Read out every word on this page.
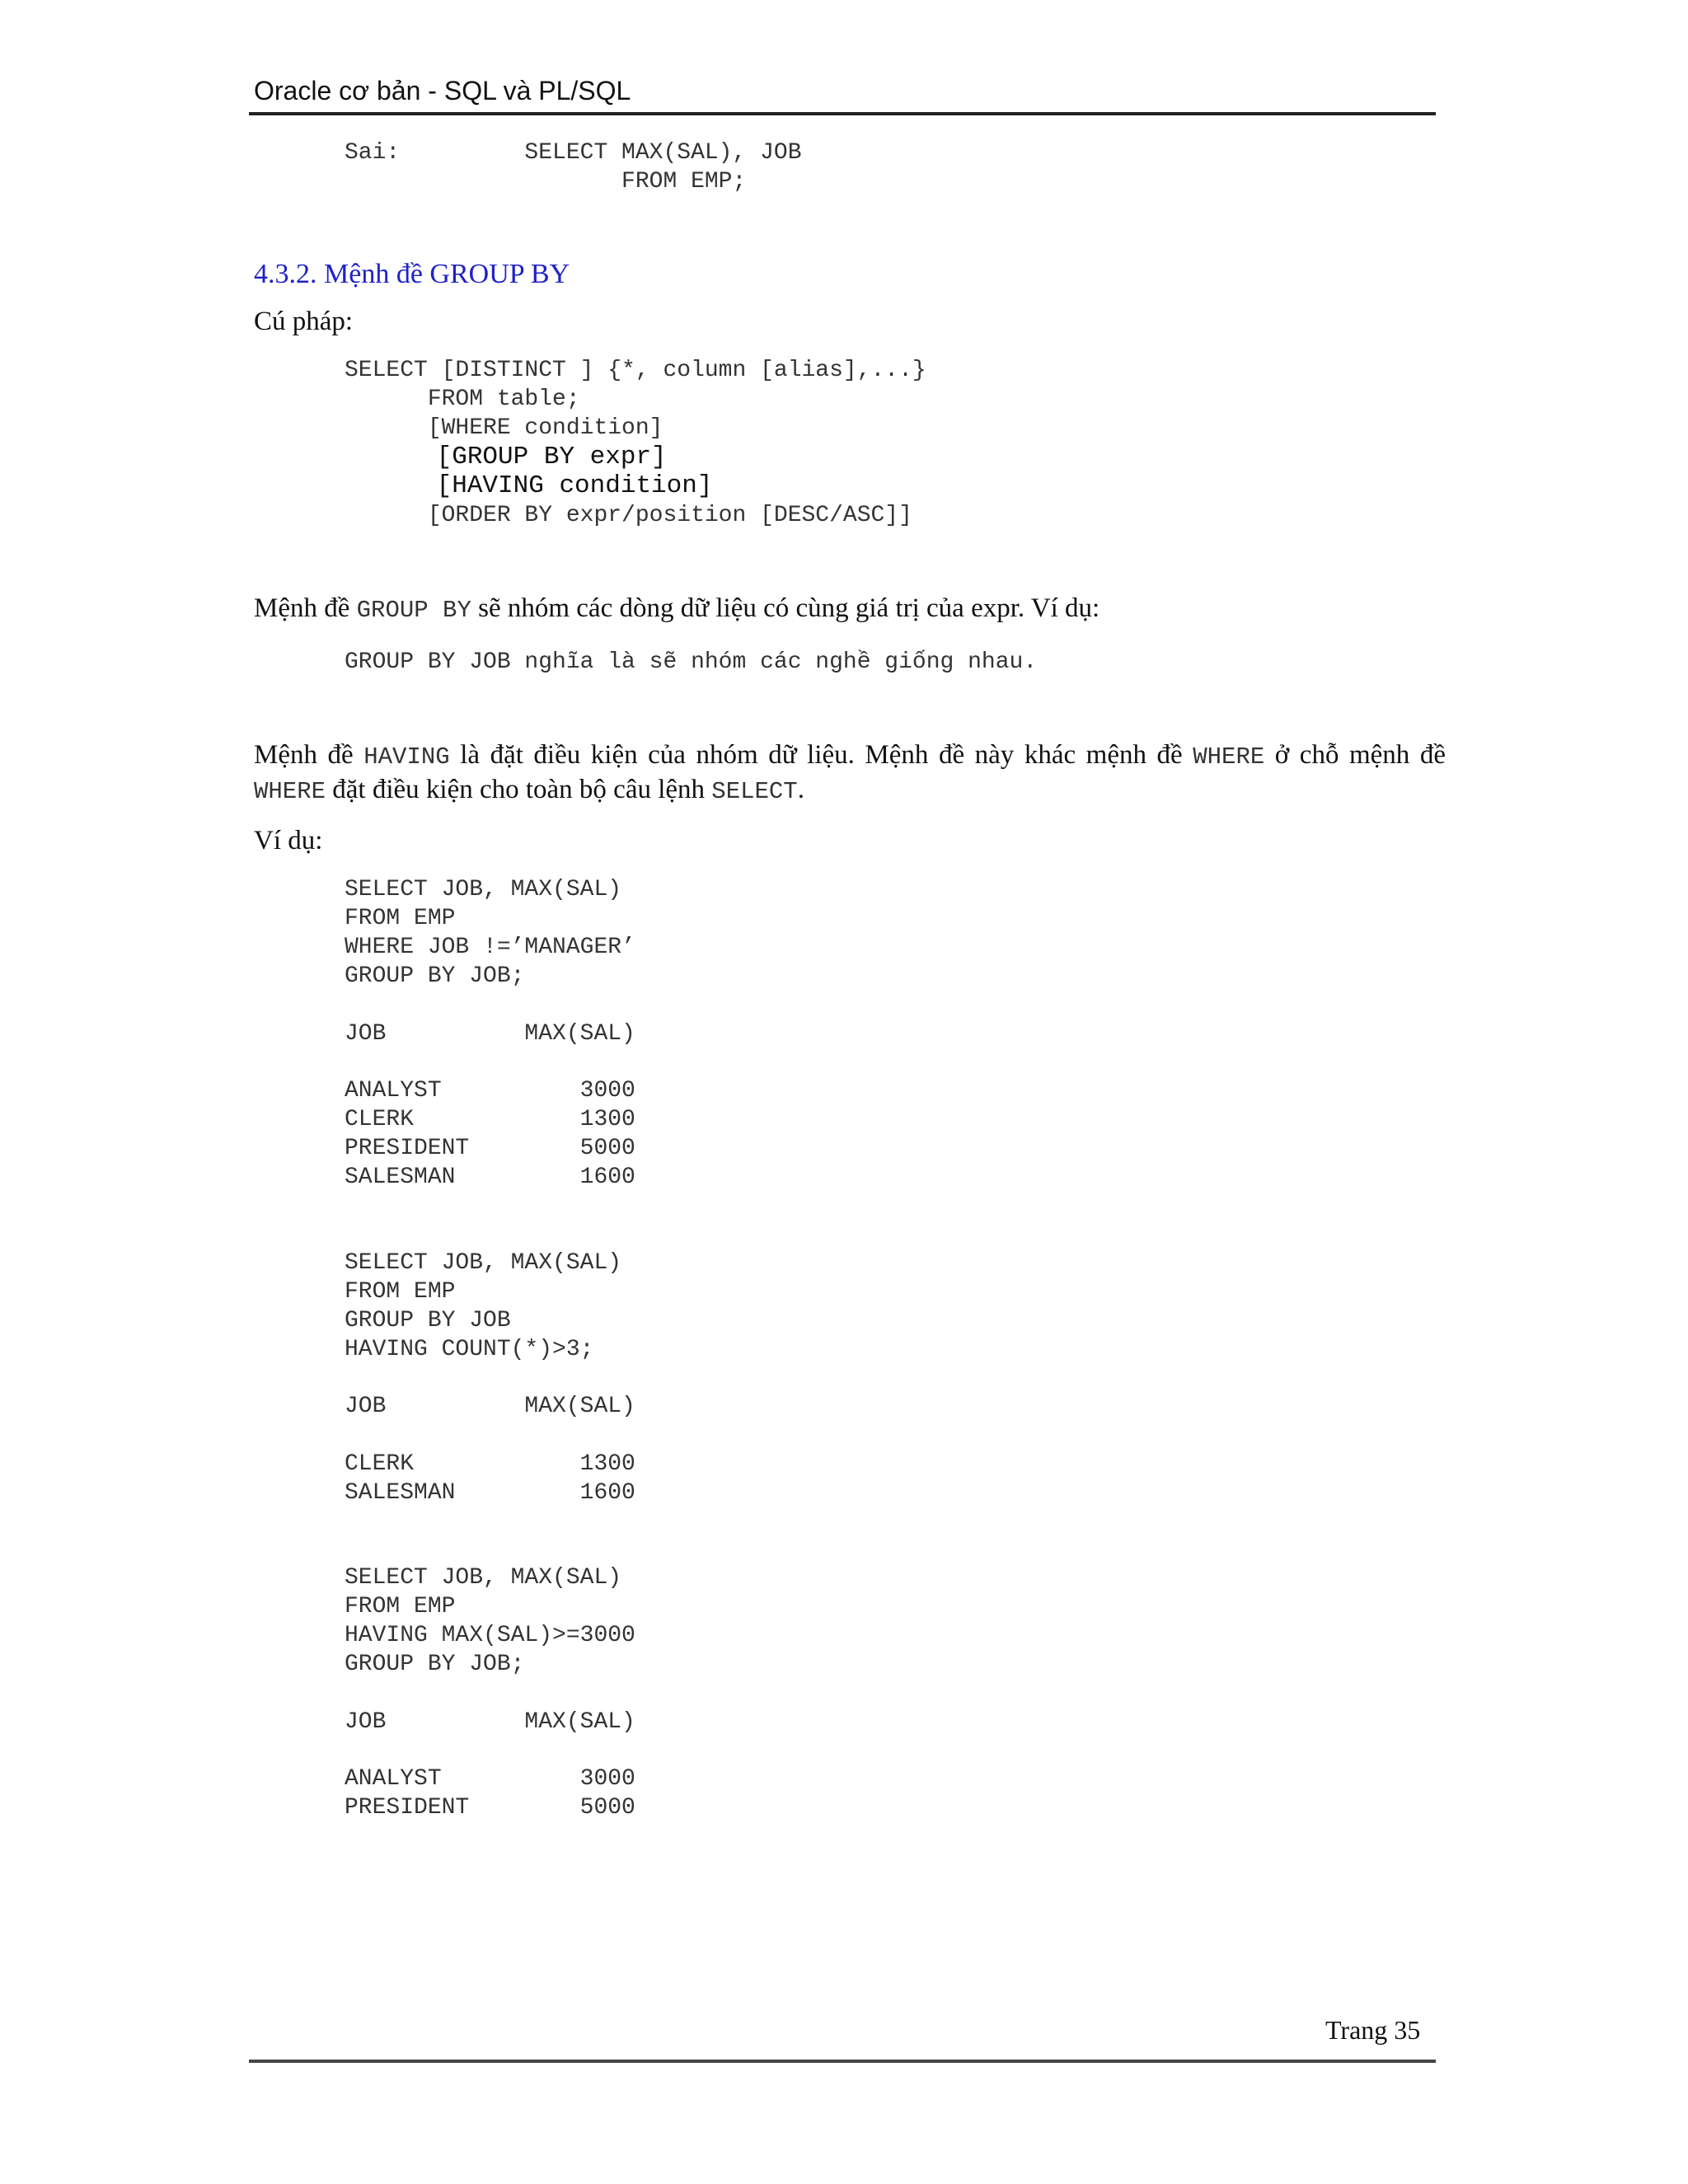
Oracle cơ bản - SQL và PL/SQL
Sai:         SELECT MAX(SAL), JOB
FROM EMP;
4.3.2. Mệnh đề GROUP BY
Cú pháp:
SELECT [DISTINCT ] {*, column [alias],...}
FROM table;
[WHERE condition]
[GROUP BY expr]
[HAVING condition]
[ORDER BY expr/position [DESC/ASC]]
Mệnh đề GROUP BY sẽ nhóm các dòng dữ liệu có cùng giá trị của expr. Ví dụ:
GROUP BY JOB nghĩa là sẽ nhóm các nghề giống nhau.
Mệnh đề HAVING là đặt điều kiện của nhóm dữ liệu. Mệnh đề này khác mệnh đề WHERE ở chỗ mệnh đề
WHERE đặt điều kiện cho toàn bộ câu lệnh SELECT.
Ví dụ:
SELECT JOB, MAX(SAL)
FROM EMP
WHERE JOB !=’MANAGER’
GROUP BY JOB;
JOB          MAX(SAL)
ANALYST          3000
CLERK            1300
PRESIDENT        5000
SALESMAN         1600
SELECT JOB, MAX(SAL)
FROM EMP
GROUP BY JOB
HAVING COUNT(*)>3;
JOB          MAX(SAL)
CLERK            1300
SALESMAN         1600
SELECT JOB, MAX(SAL)
FROM EMP
HAVING MAX(SAL)>=3000
GROUP BY JOB;
JOB          MAX(SAL)
ANALYST          3000
PRESIDENT        5000
Trang 35
